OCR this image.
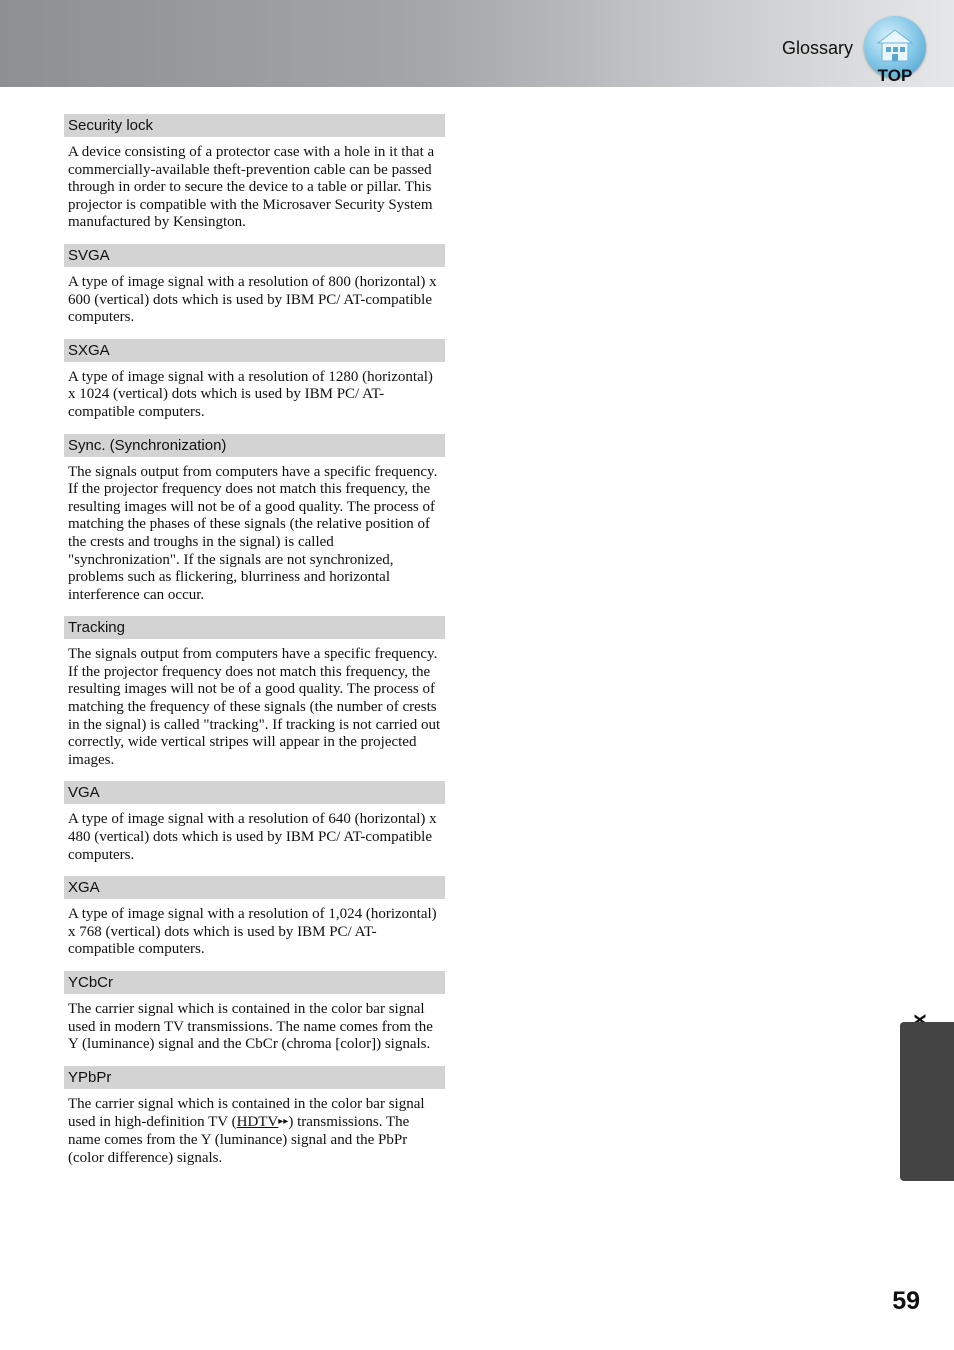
Glossary
TOP
Security lock
A device consisting of a protector case with a hole in it that a commercially-available theft-prevention cable can be passed through in order to secure the device to a table or pillar. This projector is compatible with the Microsaver Security System manufactured by Kensington.
SVGA
A type of image signal with a resolution of 800 (horizontal) x 600 (vertical) dots which is used by IBM PC/ AT-compatible computers.
SXGA
A type of image signal with a resolution of 1280 (horizontal) x 1024 (vertical) dots which is used by IBM PC/ AT-compatible computers.
Sync. (Synchronization)
The signals output from computers have a specific frequency. If the projector frequency does not match this frequency, the resulting images will not be of a good quality. The process of matching the phases of these signals (the relative position of the crests and troughs in the signal) is called "synchronization". If the signals are not synchronized, problems such as flickering, blurriness and horizontal interference can occur.
Tracking
The signals output from computers have a specific frequency. If the projector frequency does not match this frequency, the resulting images will not be of a good quality. The process of matching the frequency of these signals (the number of crests in the signal) is called "tracking". If tracking is not carried out correctly, wide vertical stripes will appear in the projected images.
VGA
A type of image signal with a resolution of 640 (horizontal) x 480 (vertical) dots which is used by IBM PC/ AT-compatible computers.
XGA
A type of image signal with a resolution of 1,024 (horizontal) x 768 (vertical) dots which is used by IBM PC/ AT-compatible computers.
YCbCr
The carrier signal which is contained in the color bar signal used in modern TV transmissions. The name comes from the Y (luminance) signal and the CbCr (chroma [color]) signals.
YPbPr
The carrier signal which is contained in the color bar signal used in high-definition TV (HDTV▸▸) transmissions. The name comes from the Y (luminance) signal and the PbPr (color difference) signals.
59
